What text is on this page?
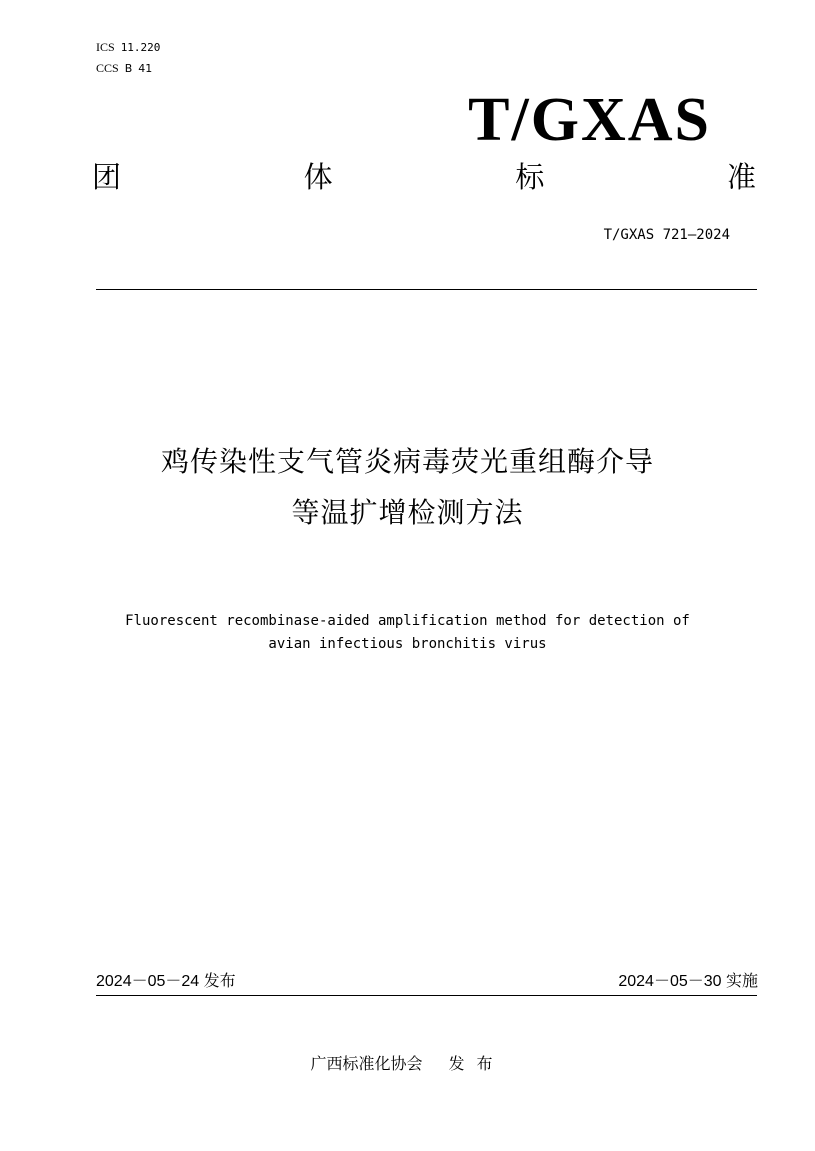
ICS 11.220
CCS B 41
T/GXAS
团	体	标	准
T/GXAS 721—2024
鸡传染性支气管炎病毒荧光重组酶介导
等温扩增检测方法
Fluorescent recombinase-aided amplification method for detection of
avian infectious bronchitis virus
2024－05－24 发布	2024－05－30 实施
广西标准化协会 发布
